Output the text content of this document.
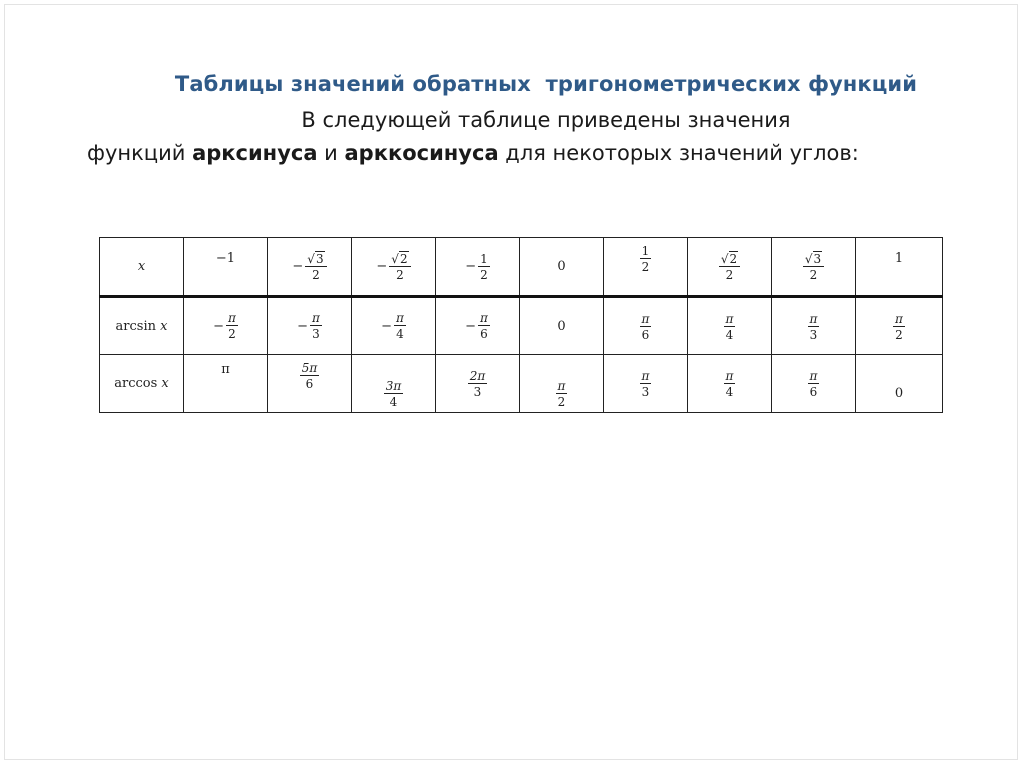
Таблицы значений обратных  тригонометрических функций
В следующей таблице приведены значения
функций арксинуса и арккосинуса для некоторых значений углов:
x	−1	− $\frac{√3}{2}$	− $\frac{√2}{2}$	− $\frac{1}{2}$	0	$\frac{1}{2}$	$\frac{√2}{2}$	$\frac{√3}{2}$	1

arcsin x	− $\frac{\pi}{2}$	− $\frac{\pi}{3}$	− $\frac{\pi}{4}$	− $\frac{\pi}{6}$	0	$\frac{\pi}{6}$	$\frac{\pi}{4}$	$\frac{\pi}{3}$	$\frac{\pi}{2}$

arccos x	π	$\frac{5\pi}{6}$	$\frac{3\pi}{4}$	$\frac{2\pi}{3}$	$\frac{\pi}{2}$	$\frac{\pi}{3}$	$\frac{\pi}{4}$	$\frac{\pi}{6}$	0
